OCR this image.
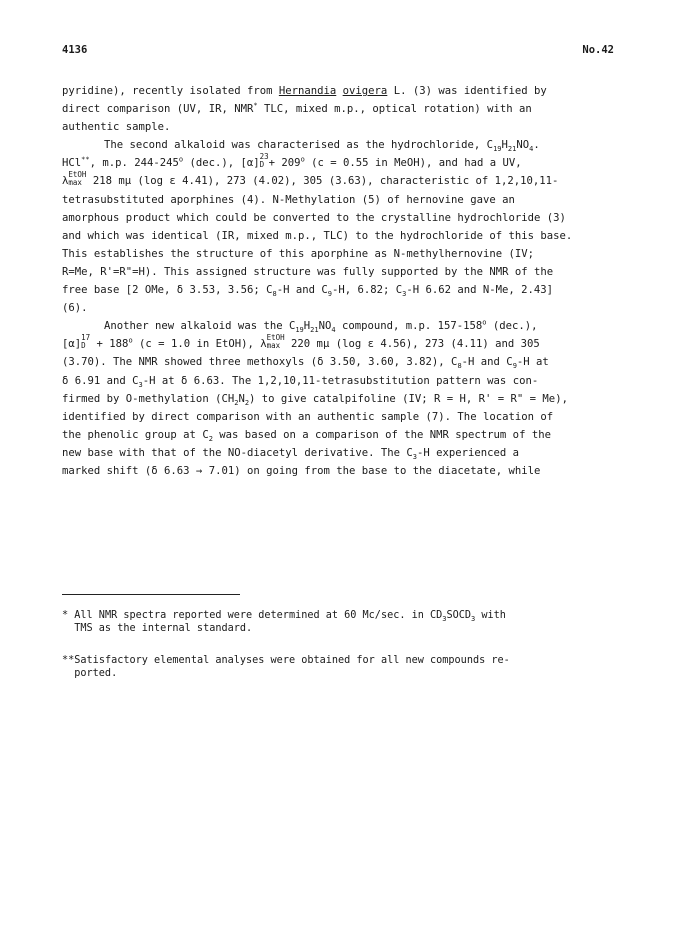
4136	No.42
pyridine), recently isolated from Hernandia ovigera L. (3) was identified by
direct comparison (UV, IR, NMR* TLC, mixed m.p., optical rotation) with an
authentic sample.
The second alkaloid was characterised as the hydrochloride, $C_{19}H_{21}NO_4$.
HCl**, m.p. 244-245$^o$ (dec.), [α]
23
$D + 209^o$ (c = 0.55 in MeOH), and had a UV,
λ
EtOH
max 218 mμ (log ε 4.41), 273 (4.02), 305 (3.63), characteristic of 1,2,10,11-
tetrasubstituted aporphines (4). N-Methylation (5) of hernovine gave an
amorphous product which could be converted to the crystalline hydrochloride (3)
and which was identical (IR, mixed m.p., TLC) to the hydrochloride of this base.
This establishes the structure of this aporphine as N-methylhernovine (IV;
R=Me, R'=R"=H). This assigned structure was fully supported by the NMR of the
free base [2 OMe, δ 3.53, 3.56; $C_8-H$ and $C_9-H$, 6.82; $C_3-H$ 6.62 and N-Me, 2.43]
(6).
Another new alkaloid was the $C_{19}H_{21}NO_4$ compound, m.p. 157-158$^o$ (dec.),
[α]
17
$D + 188^o$ (c = 1.0 in EtOH), λ
EtOH
max 220 mμ (log ε 4.56), 273 (4.11) and 305
(3.70). The NMR showed three methoxyls (δ 3.50, 3.60, 3.82), $C_8-H$ and $C_9-H$ at
δ 6.91 and $C_3-H$ at δ 6.63. The 1,2,10,11-tetrasubstitution pattern was con-
firmed by O-methylation $(CH_2N_2)$ to give catalpifoline (IV; R = H, R' = R" = Me),
identified by direct comparison with an authentic sample (7). The location of
the phenolic group at $C_2$ was based on a comparison of the NMR spectrum of the
new base with that of the NO-diacetyl derivative. The $C_3-H$ experienced a
marked shift (δ 6.63 → 7.01) on going from the base to the diacetate, while
* All NMR spectra reported were determined at 60 Mc/sec. in $CD_3SOCD_3$ with
TMS as the internal standard.
**Satisfactory elemental analyses were obtained for all new compounds re-
ported.
